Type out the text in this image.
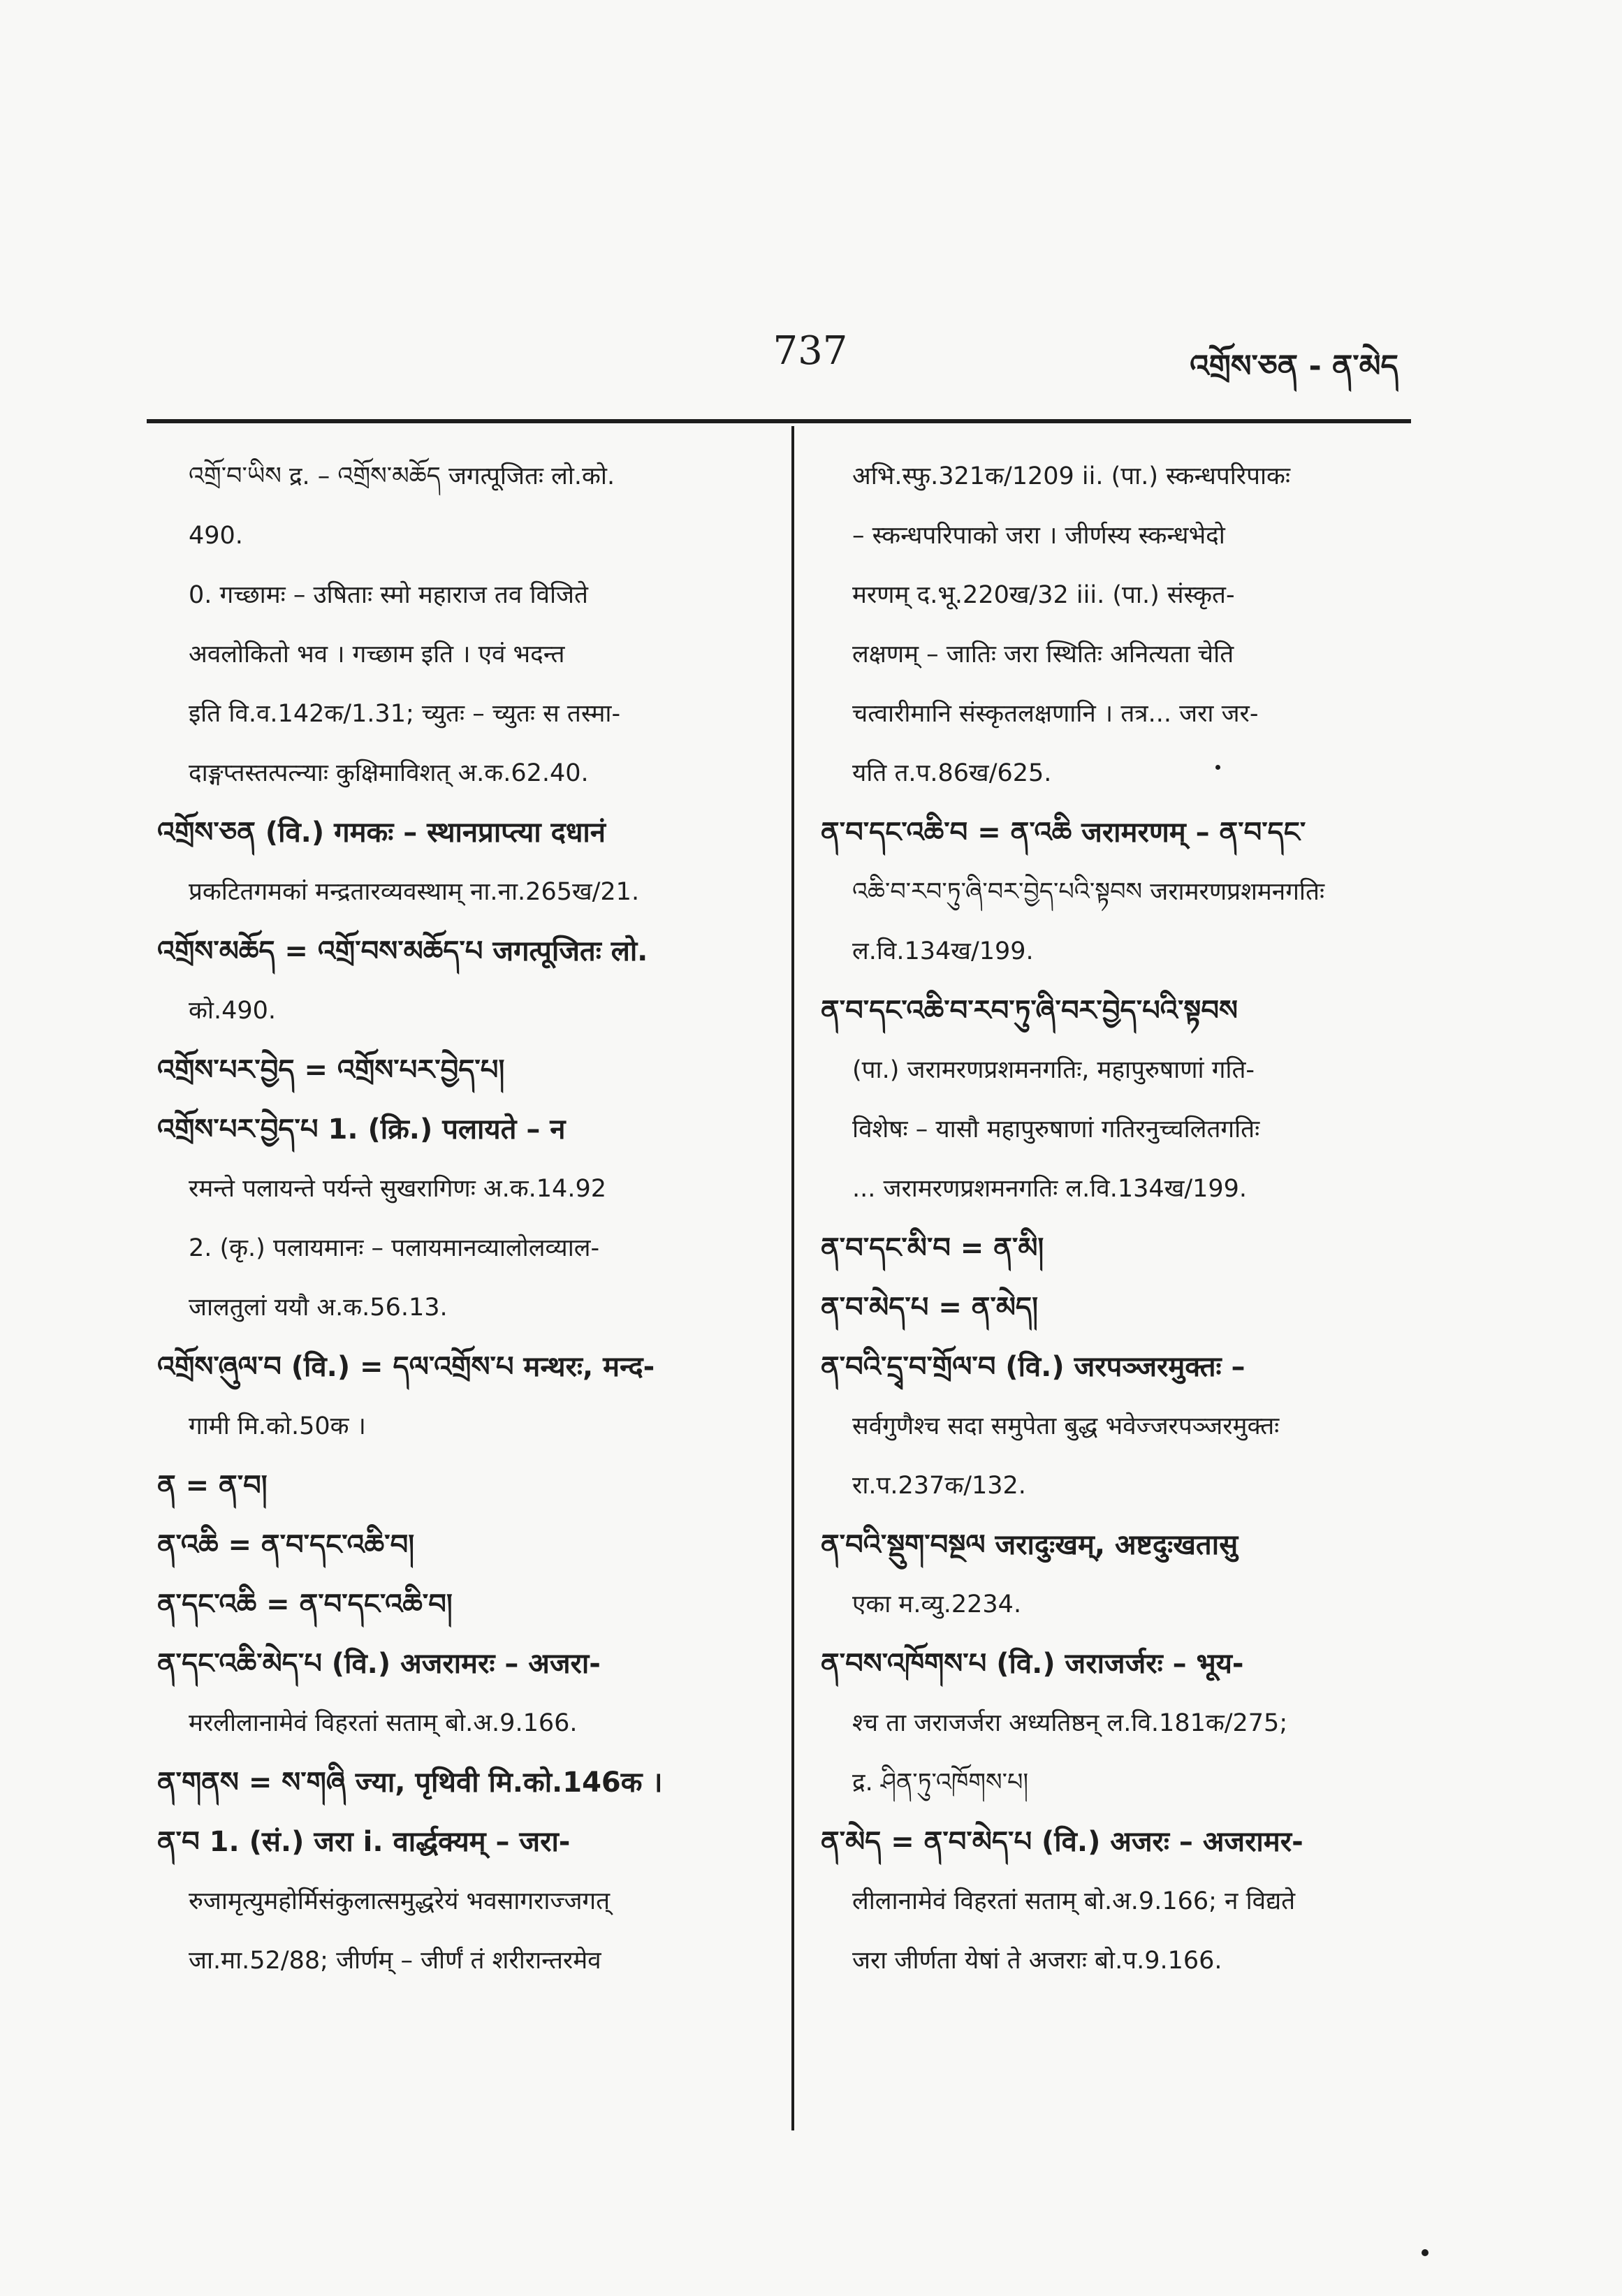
737	འགྲོས་ཅན - ན་མེད
འགྲོ་བ་ཡིས ‍द्र. – འགྲོས་མཆོད जगत्पूजितः लो.को.
490.
0. गच्छामः – उषिताः स्मो महाराज तव विजिते
अवलोकितो भव । गच्छाम इति । एवं भदन्त
इति वि.व.142क/1.31; च्युतः – च्युतः स तस्मा-
दाङ्गप्तस्तत्पत्न्याः कुक्षिमाविशत् अ.क.62.40.
འགྲོས་ཅན (वि.) गमकः – स्थानप्राप्त्या दधानं
प्रकटितगमकां मन्द्रतारव्यवस्थाम् ना.ना.265ख/21.
འགྲོས་མཆོད = འགྲོ་བས་མཆོད་པ जगत्पूजितः लो.
को.490.
འགྲོས་པར་བྱེད = འགྲོས་པར་བྱེད་པ།
འགྲོས་པར་བྱེད་པ 1. (क्रि.) पलायते – न
रमन्ते पलायन्ते पर्यन्ते सुखरागिणः अ.क.14.92
2. (कृ.) पलायमानः – पलायमानव्यालोलव्याल-
जालतुलां ययौ अ.क.56.13.
འགྲོས་ཞུལ་བ (वि.) = དལ་འགྲོས་པ मन्थरः, मन्द-
गामी मि.को.50क ।
ན = ན་བ།
ན་འཆི = ན་བ་དང་འཆི་བ།
ན་དང་འཆི = ན་བ་དང་འཆི་བ།
ན་དང་འཆི་མེད་པ (वि.) अजरामरः – अजरा-
मरलीलानामेवं विहरतां सताम् बो.अ.9.166.
ན་གནས = ས་གཞི ज्या, पृथिवी मि.को.146क ।
ན་བ 1. (सं.) जरा i. वार्द्धक्यम् – जरा-
रुजामृत्युमहोर्मिसंकुलात्समुद्धरेयं भवसागराज्जगत्
जा.मा.52/88; जीर्णम् – जीर्णं तं शरीरान्तरमेव
अभि.स्फु.321क/1209 ii. (पा.) स्कन्धपरिपाकः
– स्कन्धपरिपाको जरा । जीर्णस्य स्कन्धभेदो
मरणम् द.भू.220ख/32 iii. (पा.) संस्कृत-
लक्षणम् – जातिः जरा स्थितिः अनित्यता चेति
चत्वारीमानि संस्कृतलक्षणानि । तत्र... जरा जर-
यति त.प.86ख/625.
ན་བ་དང་འཆི་བ = ན་འཆི जरामरणम् – ན་བ་དང་
འཆི་བ་རབ་ཏུ་ཞི་བར་བྱེད་པའི་སྟབས जरामरणप्रशमनगतिः
ल.वि.134ख/199.
ན་བ་དང་འཆི་བ་རབ་ཏུ་ཞི་བར་བྱེད་པའི་སྟབས
(पा.) जरामरणप्रशमनगतिः, महापुरुषाणां गति-
विशेषः – यासौ महापुरुषाणां गतिरनुच्चलितगतिः
... जरामरणप्रशमनगतिः ल.वि.134ख/199.
ན་བ་དང་མི་བ = ན་མི།
ན་བ་མེད་པ = ན་མེད།
ན་བའི་དྲྭ་བ་གྲོལ་བ (वि.) जरपञ्जरमुक्तः –
सर्वगुणैश्च सदा समुपेता बुद्ध भवेज्जरपञ्जरमुक्तः
रा.प.237क/132.
ན་བའི་སྡུག་བསྔལ जरादुःखम्, अष्टदुःखतासु
एका म.व्यु.2234.
ན་བས་འཁོགས་པ (वि.) जराजर्जरः – भूय-
श्च ता जराजर्जरा अध्यतिष्ठन् ल.वि.181क/275;
द्र. ཤིན་ཏུ་འཁོགས་པ།
ན་མེད = ན་བ་མེད་པ (वि.) अजरः – अजरामर-
लीलानामेवं विहरतां सताम् बो.अ.9.166; न विद्यते
जरा जीर्णता येषां ते अजराः बो.प.9.166.
